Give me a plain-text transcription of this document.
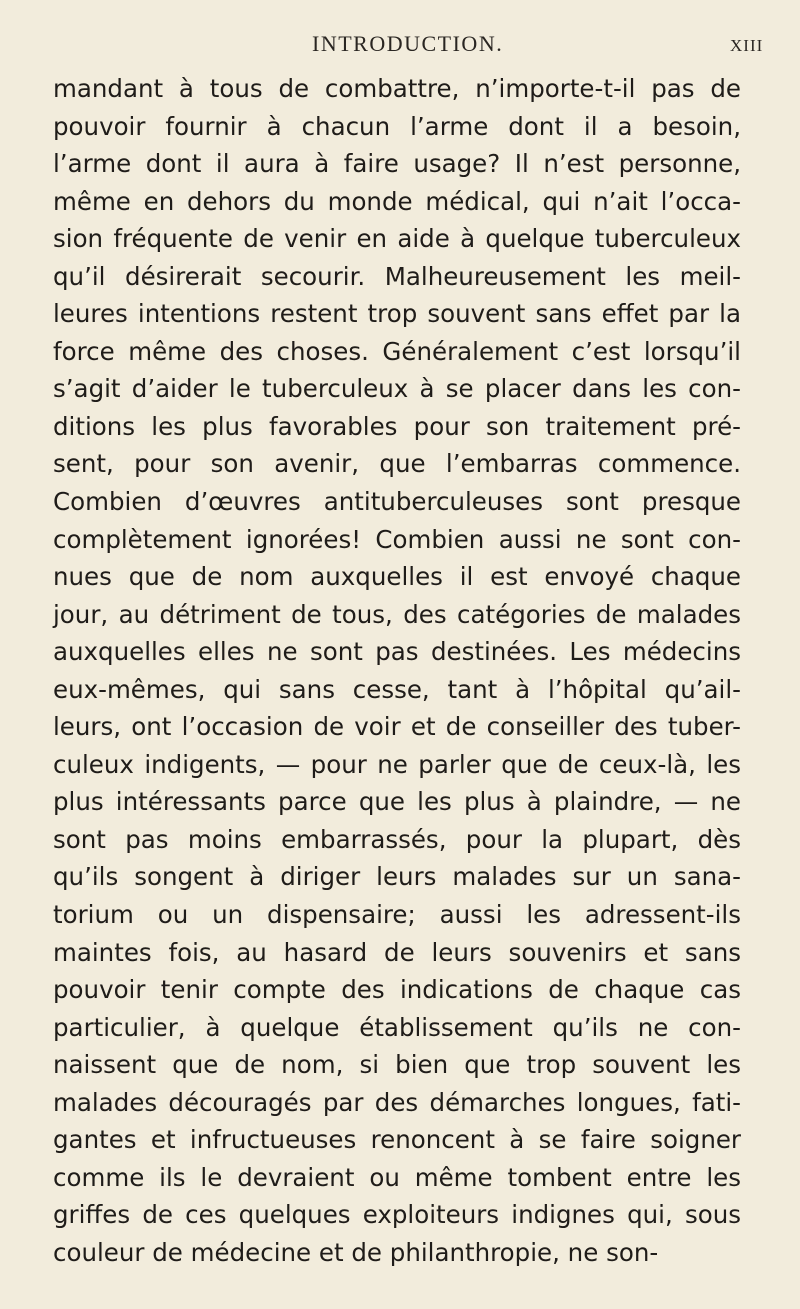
INTRODUCTION.	XIII
mandant à tous de combattre, n’importe-t-il pas de
pouvoir fournir à chacun l’arme dont il a besoin,
l’arme dont il aura à faire usage? Il n’est personne,
même en dehors du monde médical, qui n’ait l’occa-
sion fréquente de venir en aide à quelque tuberculeux
qu’il désirerait secourir. Malheureusement les meil-
leures intentions restent trop souvent sans effet par la
force même des choses. Généralement c’est lorsqu’il
s’agit d’aider le tuberculeux à se placer dans les con-
ditions les plus favorables pour son traitement pré-
sent, pour son avenir, que l’embarras commence.
Combien d’œuvres antituberculeuses sont presque
complètement ignorées! Combien aussi ne sont con-
nues que de nom auxquelles il est envoyé chaque
jour, au détriment de tous, des catégories de malades
auxquelles elles ne sont pas destinées. Les médecins
eux-mêmes, qui sans cesse, tant à l’hôpital qu’ail-
leurs, ont l’occasion de voir et de conseiller des tuber-
culeux indigents, — pour ne parler que de ceux-là, les
plus intéressants parce que les plus à plaindre, — ne
sont pas moins embarrassés, pour la plupart, dès
qu’ils songent à diriger leurs malades sur un sana-
torium ou un dispensaire; aussi les adressent-ils
maintes fois, au hasard de leurs souvenirs et sans
pouvoir tenir compte des indications de chaque cas
particulier, à quelque établissement qu’ils ne con-
naissent que de nom, si bien que trop souvent les
malades découragés par des démarches longues, fati-
gantes et infructueuses renoncent à se faire soigner
comme ils le devraient ou même tombent entre les
griffes de ces quelques exploiteurs indignes qui, sous
couleur de médecine et de philanthropie, ne son-
